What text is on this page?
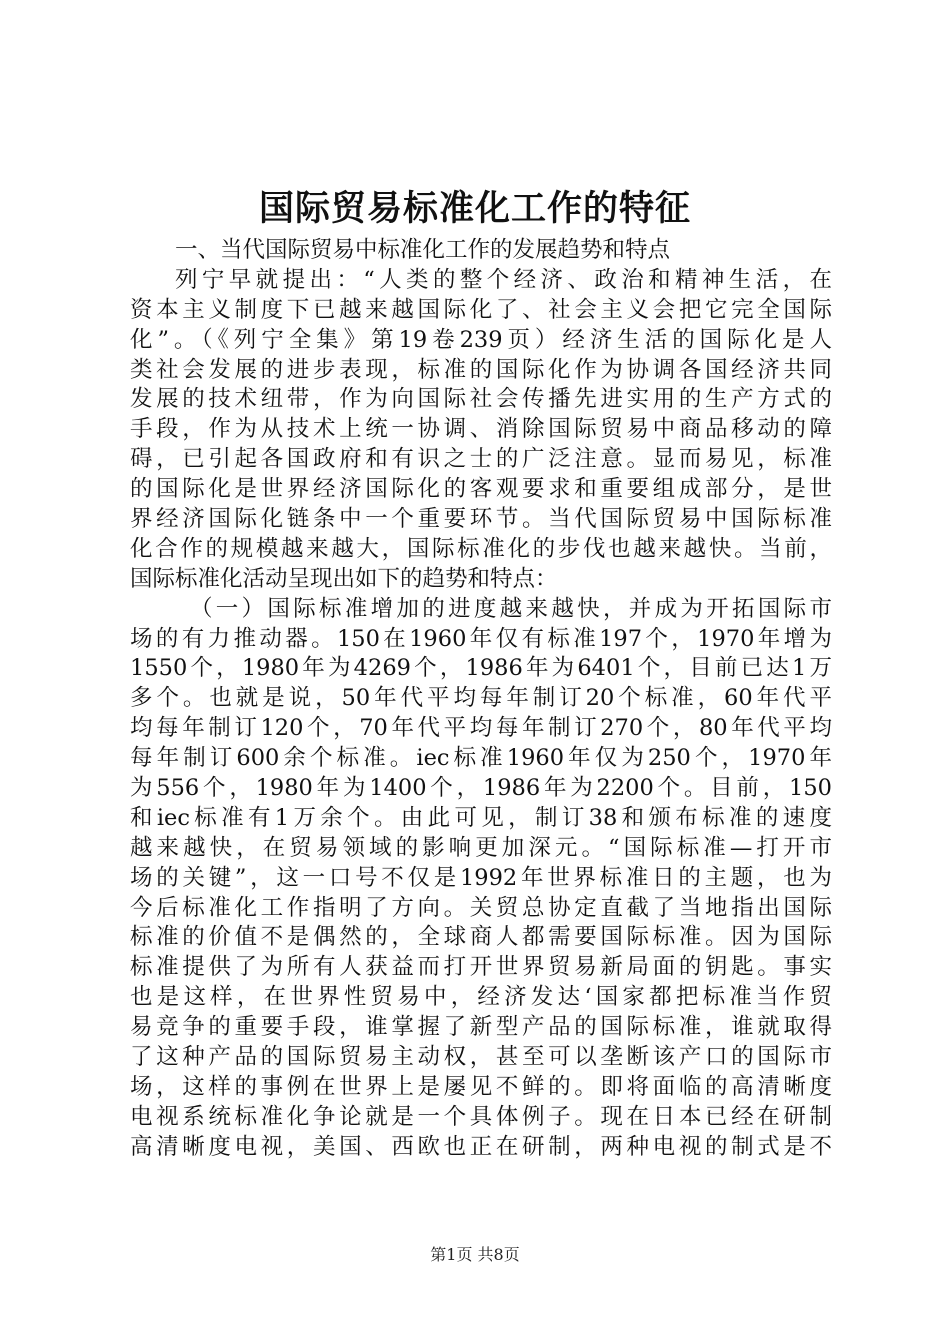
国际贸易标准化工作的特征
一、当代国际贸易中标准化工作的发展趋势和特点
列宁早就提出：“人类的整个经济、政治和精神生活，在
资本主义制度下已越来越国际化了、社会主义会把它完全国际
化”。（《列宁全集》第19卷239页）经济生活的国际化是人
类社会发展的进步表现，标准的国际化作为协调各国经济共同
发展的技术纽带，作为向国际社会传播先进实用的生产方式的
手段，作为从技术上统一协调、消除国际贸易中商品移动的障
碍，已引起各国政府和有识之士的广泛注意。显而易见，标准
的国际化是世界经济国际化的客观要求和重要组成部分，是世
界经济国际化链条中一个重要环节。当代国际贸易中国际标准
化合作的规模越来越大，国际标准化的步伐也越来越快。当前，
国际标准化活动呈现出如下的趋势和特点：
（一）国际标准增加的进度越来越快，并成为开拓国际市
场的有力推动器。150在1960年仅有标准197个，1970年增为
1550个，1980年为4269个，1986年为6401个，目前已达1万
多个。也就是说，50年代平均每年制订20个标准，60年代平
均每年制订120个，70年代平均每年制订270个，80年代平均
每年制订600余个标准。iec标准1960年仅为250个，1970年
为556个，1980年为1400个，1986年为2200个。目前，150
和iec标准有1万余个。由此可见，制订38和颁布标准的速度
越来越快，在贸易领域的影响更加深元。“国际标准—打开市
场的关键”，这一口号不仅是1992年世界标准日的主题，也为
今后标准化工作指明了方向。关贸总协定直截了当地指出国际
标准的价值不是偶然的，全球商人都需要国际标准。因为国际
标准提供了为所有人获益而打开世界贸易新局面的钥匙。事实
也是这样，在世界性贸易中，经济发达‘国家都把标准当作贸
易竞争的重要手段，谁掌握了新型产品的国际标准，谁就取得
了这种产品的国际贸易主动权，甚至可以垄断该产口的国际市
场，这样的事例在世界上是屡见不鲜的。即将面临的高清晰度
电视系统标准化争论就是一个具体例子。现在日本已经在研制
高清晰度电视，美国、西欧也正在研制，两种电视的制式是不
第1页 共8页
